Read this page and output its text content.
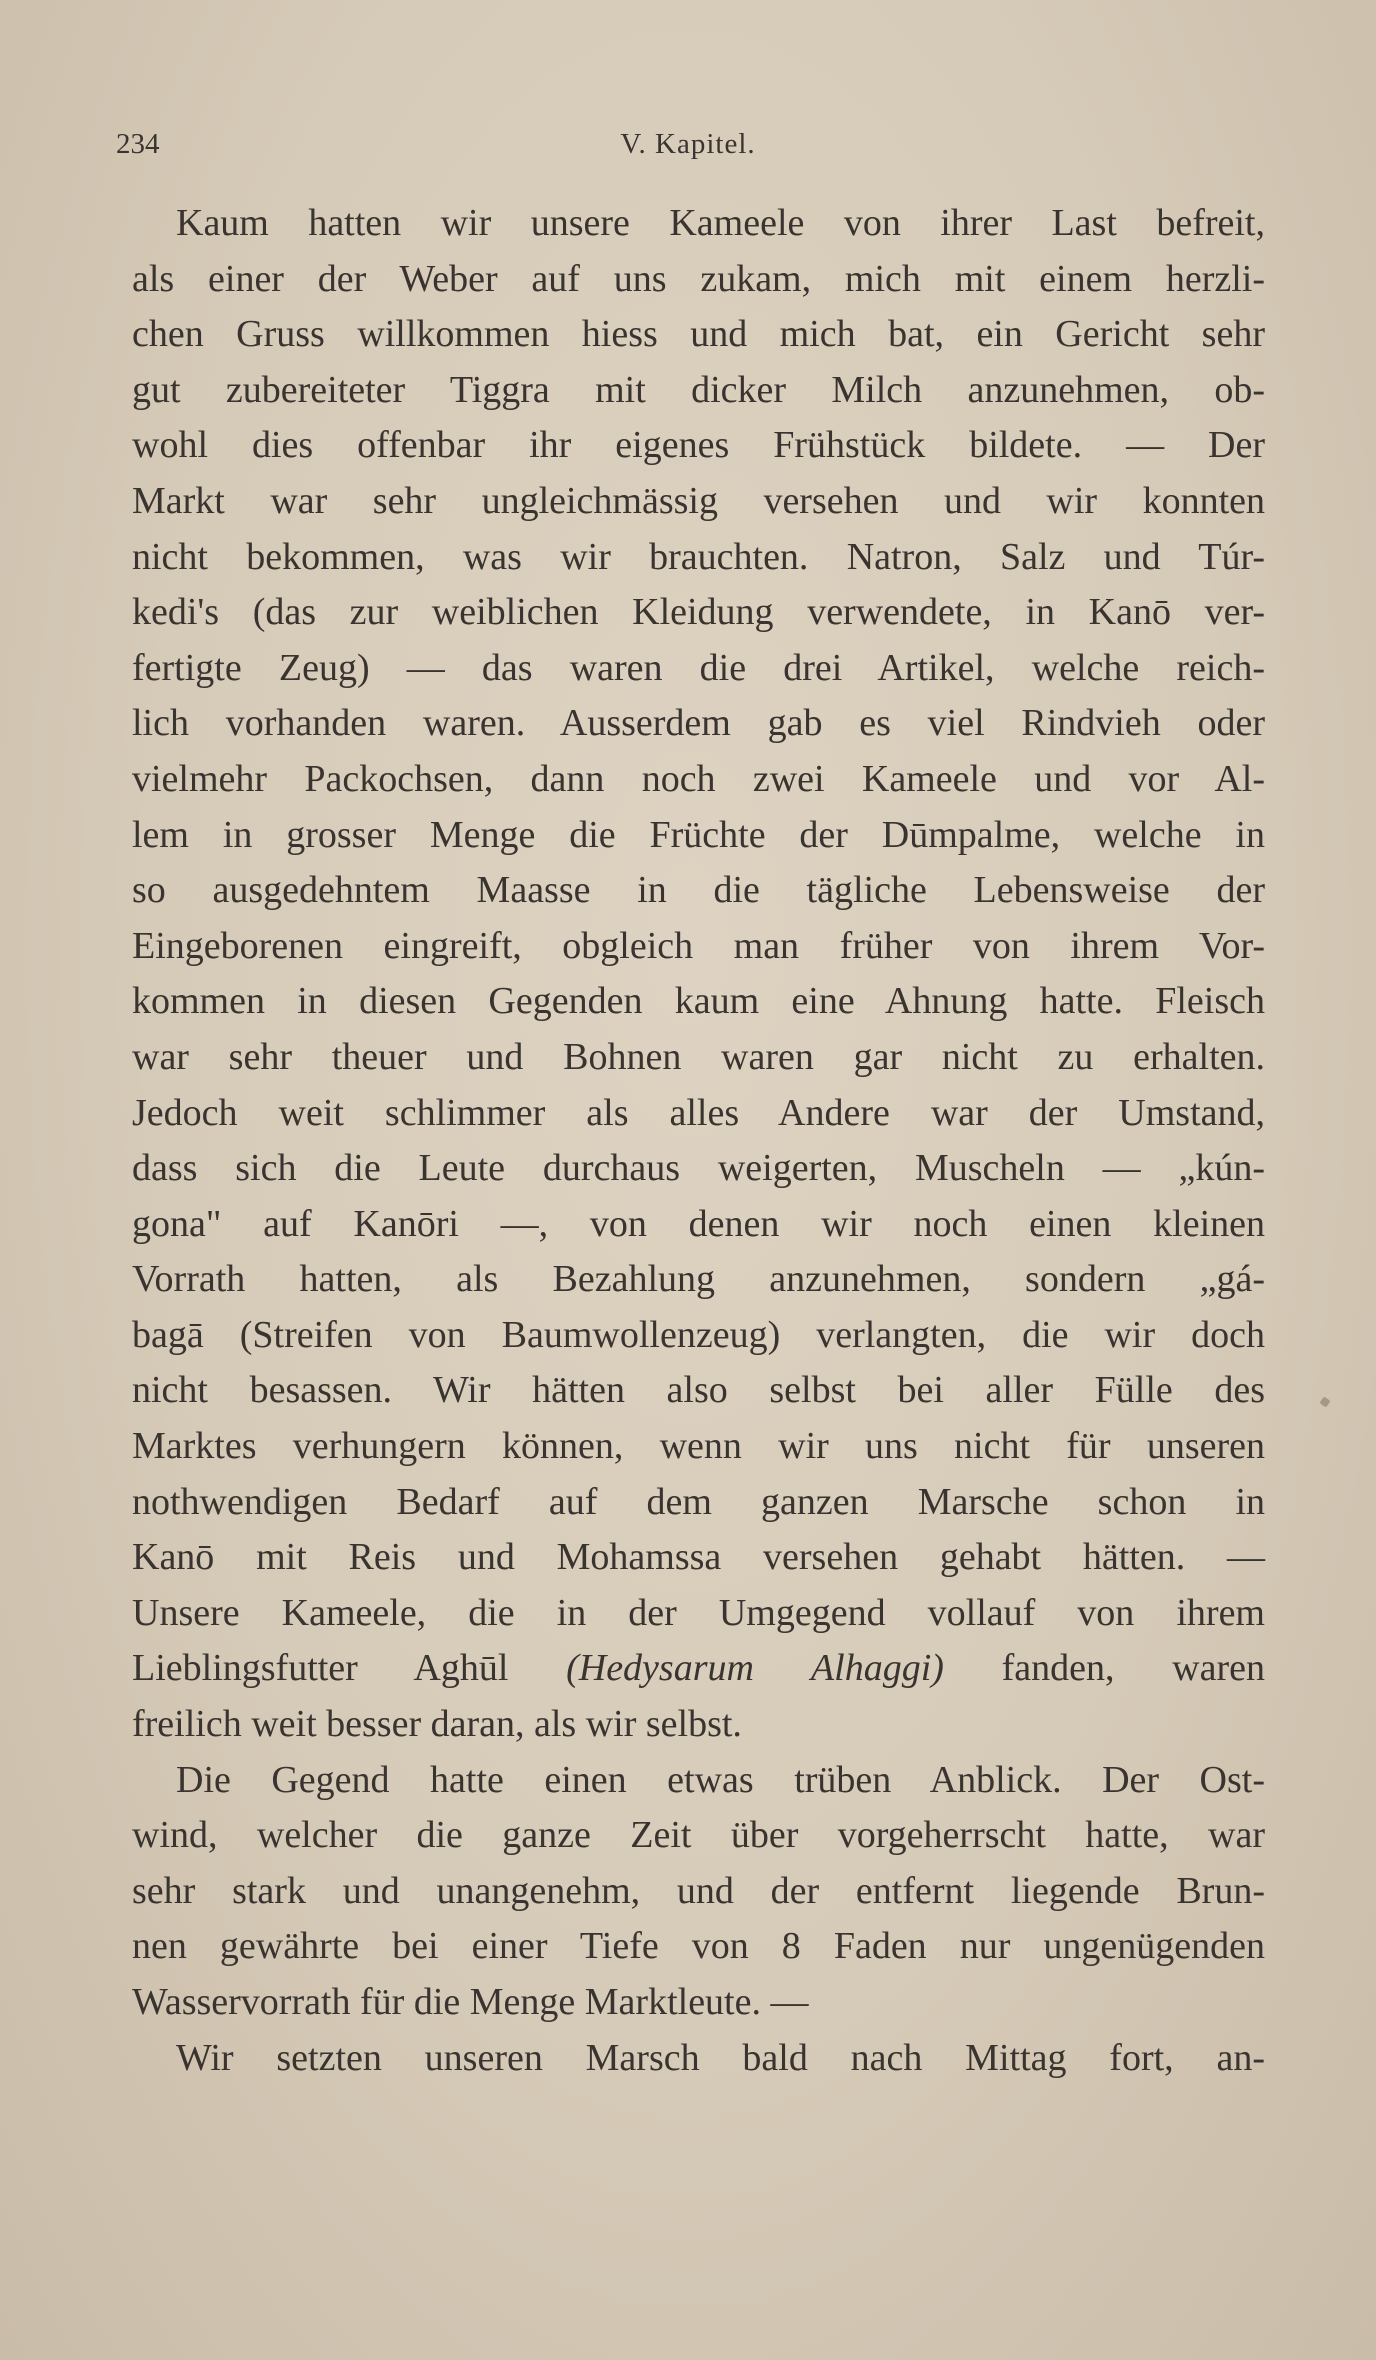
234	V. Kapitel.
Kaum hatten wir unsere Kameele von ihrer Last befreit,
als einer der Weber auf uns zukam, mich mit einem herzli-
chen Gruss willkommen hiess und mich bat, ein Gericht sehr
gut zubereiteter Tiggra mit dicker Milch anzunehmen, ob-
wohl dies offenbar ihr eigenes Frühstück bildete. — Der
Markt war sehr ungleichmässig versehen und wir konnten
nicht bekommen, was wir brauchten. Natron, Salz und Túr-
kedi's (das zur weiblichen Kleidung verwendete, in Kanō ver-
fertigte Zeug) — das waren die drei Artikel, welche reich-
lich vorhanden waren. Ausserdem gab es viel Rindvieh oder
vielmehr Packochsen, dann noch zwei Kameele und vor Al-
lem in grosser Menge die Früchte der Dūmpalme, welche in
so ausgedehntem Maasse in die tägliche Lebensweise der
Eingeborenen eingreift, obgleich man früher von ihrem Vor-
kommen in diesen Gegenden kaum eine Ahnung hatte. Fleisch
war sehr theuer und Bohnen waren gar nicht zu erhalten.
Jedoch weit schlimmer als alles Andere war der Umstand,
dass sich die Leute durchaus weigerten, Muscheln — „kún-
gona" auf Kanōri —, von denen wir noch einen kleinen
Vorrath hatten, als Bezahlung anzunehmen, sondern „gá-
bagā (Streifen von Baumwollenzeug) verlangten, die wir doch
nicht besassen. Wir hätten also selbst bei aller Fülle des
Marktes verhungern können, wenn wir uns nicht für unseren
nothwendigen Bedarf auf dem ganzen Marsche schon in
Kanō mit Reis und Mohamssa versehen gehabt hätten. —
Unsere Kameele, die in der Umgegend vollauf von ihrem
Lieblingsfutter Aghūl (Hedysarum Alhaggi) fanden, waren
freilich weit besser daran, als wir selbst.
Die Gegend hatte einen etwas trüben Anblick. Der Ost-
wind, welcher die ganze Zeit über vorgeherrscht hatte, war
sehr stark und unangenehm, und der entfernt liegende Brun-
nen gewährte bei einer Tiefe von 8 Faden nur ungenügenden
Wasservorrath für die Menge Marktleute. —
Wir setzten unseren Marsch bald nach Mittag fort, an-
